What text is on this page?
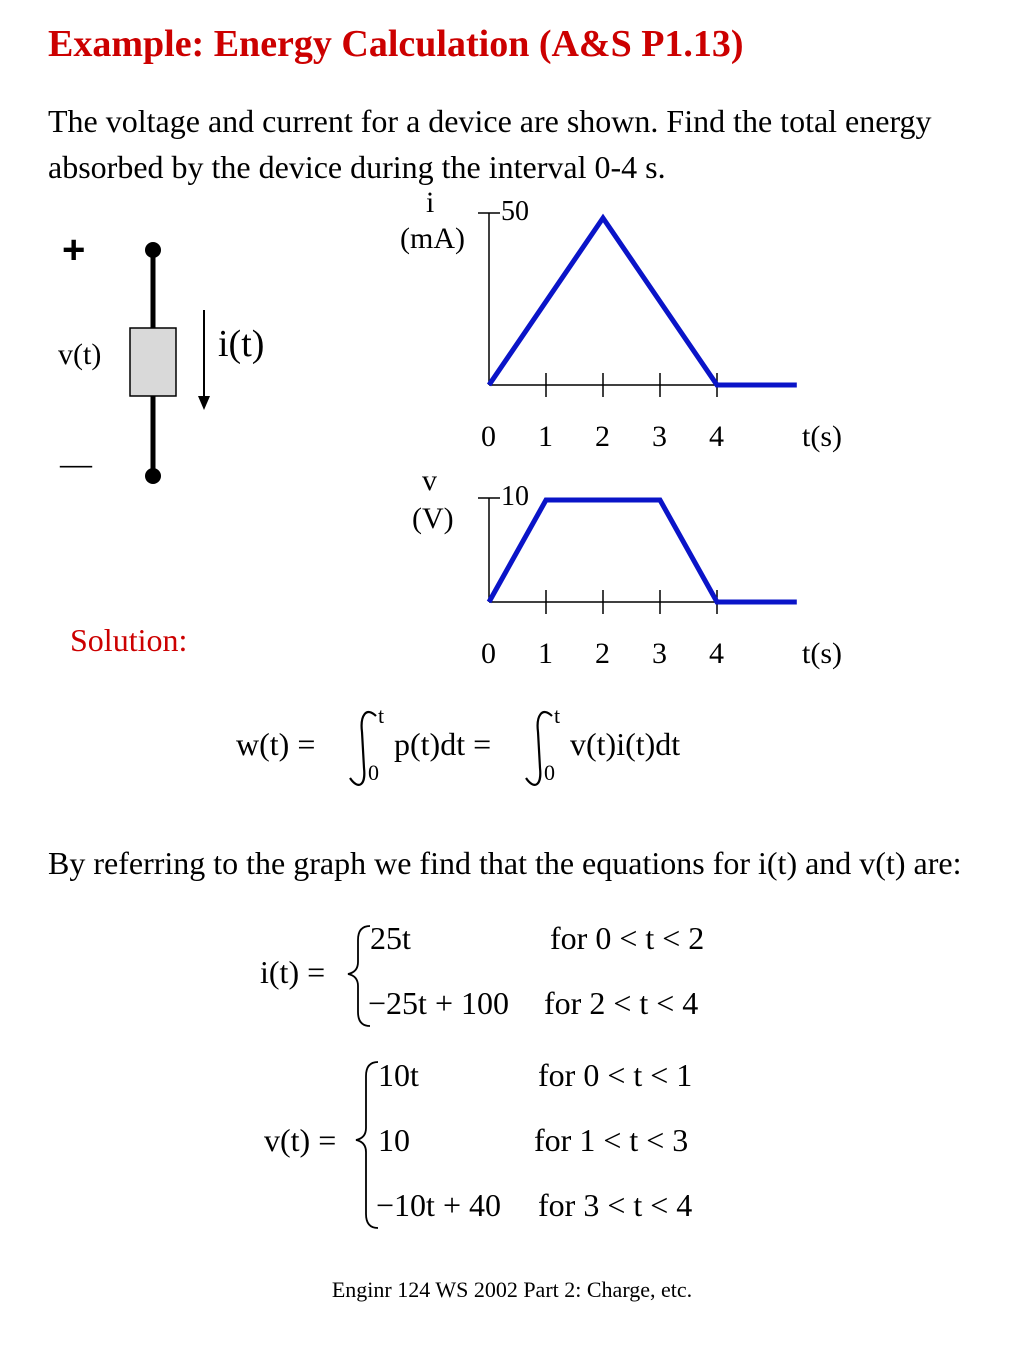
Example: Energy Calculation (A&S P1.13)
The voltage and current for a device are shown. Find the total energy absorbed by the device during the interval 0-4 s.
+
v(t)	i(t)
—
i
(mA)
50
0 1 2 3 4	t(s)
v
(V)
10
0 1 2 3 4	t(s)
Solution:
w(t) =
t
0
p(t)dt =
t
0
v(t)i(t)dt
By referring to the graph we find that the equations for i(t) and v(t) are:
i(t) =
25t	for 0 < t < 2
−25t + 100 for 2 < t < 4
v(t) =
10t	for 0 < t < 1
10	for 1 < t < 3
−10t + 40 for 3 < t < 4
Enginr 124 WS 2002 Part 2: Charge, etc.
